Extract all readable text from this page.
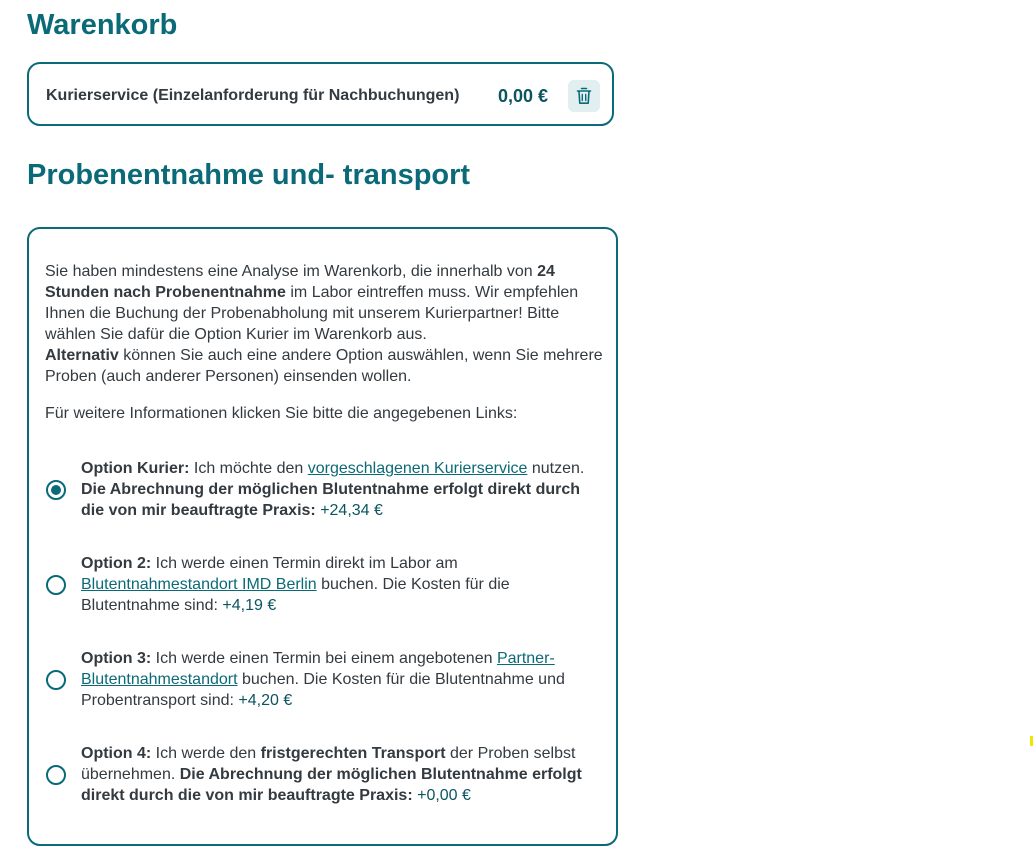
Warenkorb
Kurierservice (Einzelanforderung für Nachbuchungen) 0,00 €
Probenentnahme und- transport
Sie haben mindestens eine Analyse im Warenkorb, die innerhalb von 24 Stunden nach Probenentnahme im Labor eintreffen muss. Wir empfehlen Ihnen die Buchung der Probenabholung mit unserem Kurierpartner! Bitte wählen Sie dafür die Option Kurier im Warenkorb aus.
Alternativ können Sie auch eine andere Option auswählen, wenn Sie mehrere Proben (auch anderer Personen) einsenden wollen.
Für weitere Informationen klicken Sie bitte die angegebenen Links:
Option Kurier: Ich möchte den vorgeschlagenen Kurierservice nutzen. Die Abrechnung der möglichen Blutentnahme erfolgt direkt durch die von mir beauftragte Praxis: +24,34 €
Option 2: Ich werde einen Termin direkt im Labor am Blutentnahmestandort IMD Berlin buchen. Die Kosten für die Blutentnahme sind: +4,19 €
Option 3: Ich werde einen Termin bei einem angebotenen Partner-Blutentnahmestandort buchen. Die Kosten für die Blutentnahme und Probentransport sind: +4,20 €
Option 4: Ich werde den fristgerechten Transport der Proben selbst übernehmen. Die Abrechnung der möglichen Blutentnahme erfolgt direkt durch die von mir beauftragte Praxis: +0,00 €
